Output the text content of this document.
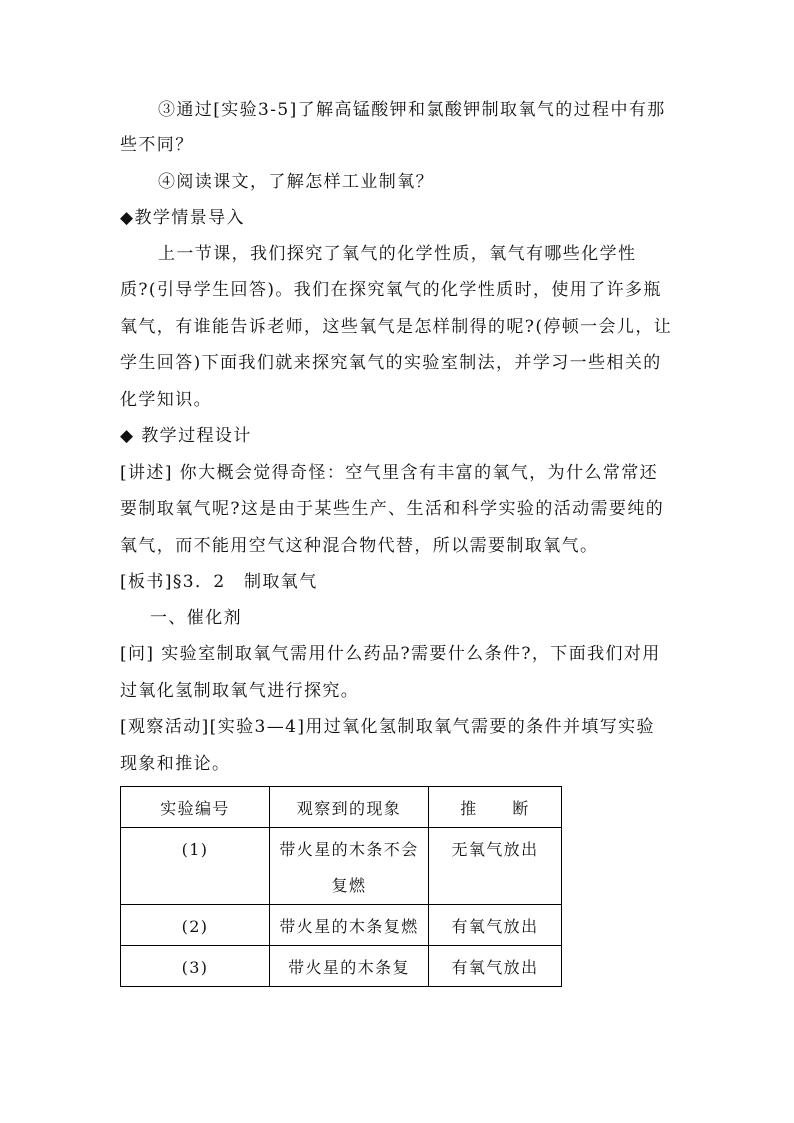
③通过[实验3-5]了解高锰酸钾和氯酸钾制取氧气的过程中有那
些不同？
④阅读课文，了解怎样工业制氧？
◆教学情景导入
上一节课，我们探究了氧气的化学性质，氧气有哪些化学性
质?(引导学生回答)。我们在探究氧气的化学性质时，使用了许多瓶
氧气，有谁能告诉老师，这些氧气是怎样制得的呢?(停顿一会儿，让
学生回答)下面我们就来探究氧气的实验室制法，并学习一些相关的
化学知识。
◆ 教学过程设计
[讲述] 你大概会觉得奇怪：空气里含有丰富的氧气，为什么常常还
要制取氧气呢?这是由于某些生产、生活和科学实验的活动需要纯的
氧气，而不能用空气这种混合物代替，所以需要制取氧气。
[板书]§3．2　制取氧气
一、催化剂
[问] 实验室制取氧气需用什么药品?需要什么条件?，下面我们对用
过氧化氢制取氧气进行探究。
[观察活动][实验3—4]用过氧化氢制取氧气需要的条件并填写实验
现象和推论。
实验编号	观察到的现象	推　　断
(1)	带火星的木条不会复燃	无氧气放出
(2)	带火星的木条复燃	有氧气放出
(3)	带火星的木条复	有氧气放出
